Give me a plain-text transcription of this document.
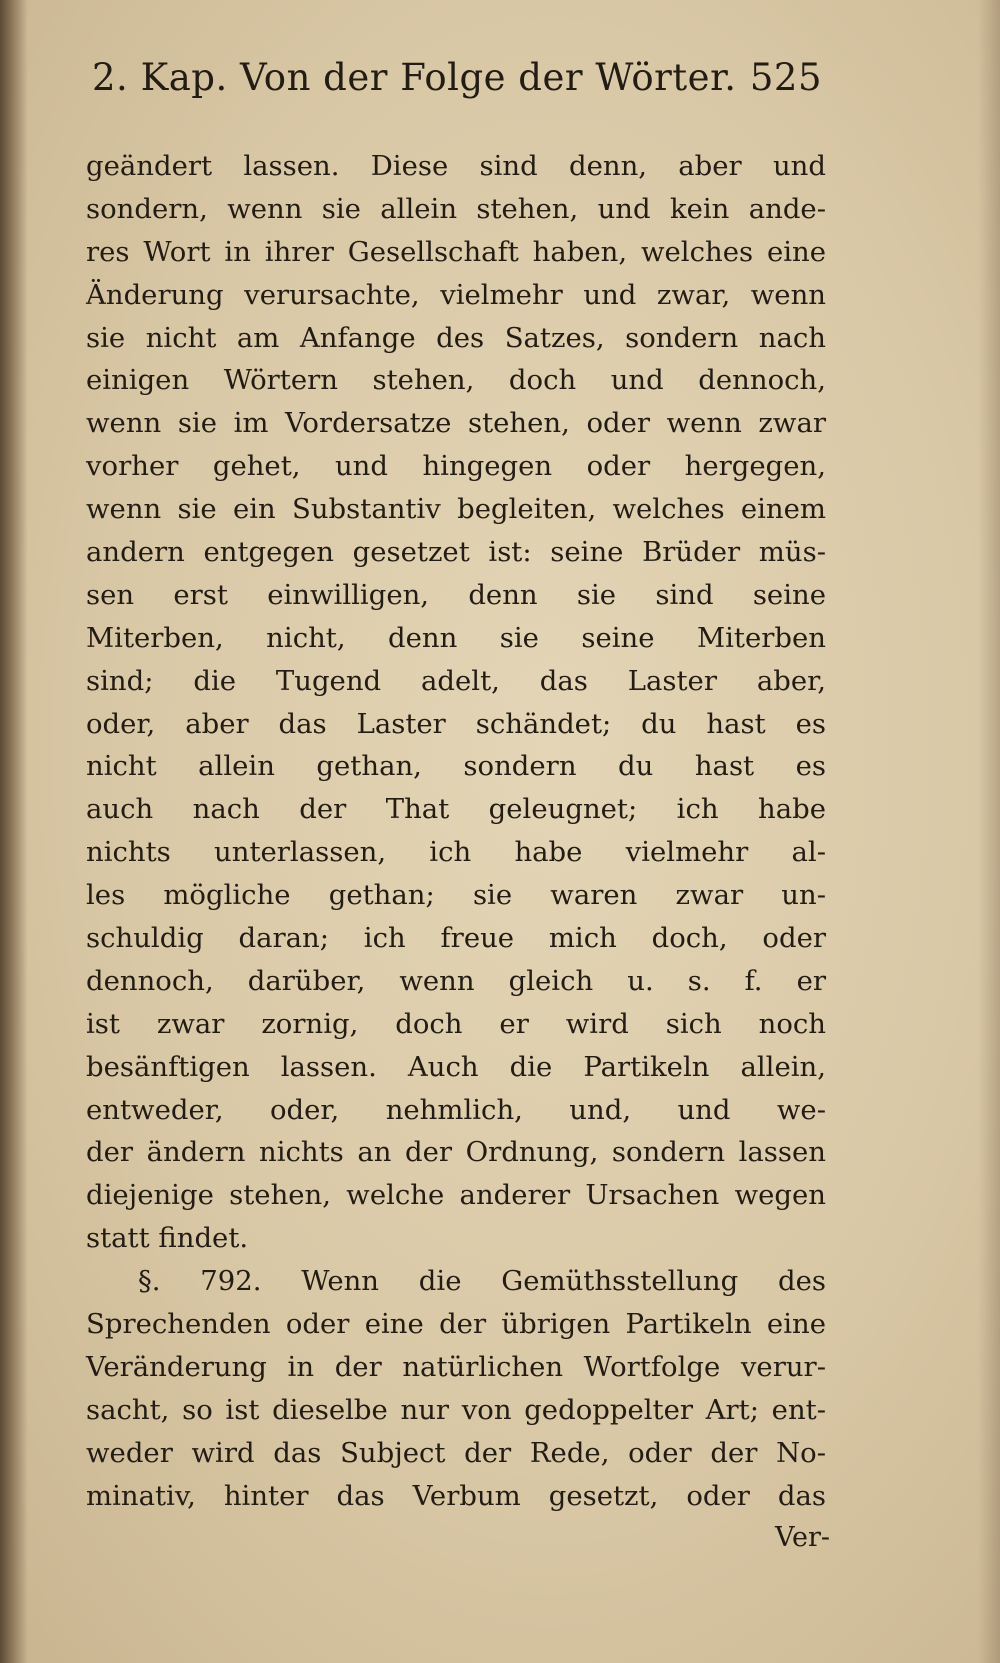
2. Kap. Von der Folge der Wörter. 525
geändert lassen. Diese sind denn, aber und
sondern, wenn sie allein stehen, und kein ande-
res Wort in ihrer Gesellschaft haben, welches eine
Änderung verursachte, vielmehr und zwar, wenn
sie nicht am Anfange des Satzes, sondern nach
einigen Wörtern stehen, doch und dennoch,
wenn sie im Vordersatze stehen, oder wenn zwar
vorher gehet, und hingegen oder hergegen,
wenn sie ein Substantiv begleiten, welches einem
andern entgegen gesetzet ist: seine Brüder müs-
sen erst einwilligen, denn sie sind seine
Miterben, nicht, denn sie seine Miterben
sind; die Tugend adelt, das Laster aber,
oder, aber das Laster schändet; du hast es
nicht allein gethan, sondern du hast es
auch nach der That geleugnet; ich habe
nichts unterlassen, ich habe vielmehr al-
les mögliche gethan; sie waren zwar un-
schuldig daran; ich freue mich doch, oder
dennoch, darüber, wenn gleich u. s. f. er
ist zwar zornig, doch er wird sich noch
besänftigen lassen. Auch die Partikeln allein,
entweder, oder, nehmlich, und, und we-
der ändern nichts an der Ordnung, sondern lassen
diejenige stehen, welche anderer Ursachen wegen
statt findet.
§. 792. Wenn die Gemüthsstellung des
Sprechenden oder eine der übrigen Partikeln eine
Veränderung in der natürlichen Wortfolge verur-
sacht, so ist dieselbe nur von gedoppelter Art; ent-
weder wird das Subject der Rede, oder der No-
minativ, hinter das Verbum gesetzt, oder das
Ver-
